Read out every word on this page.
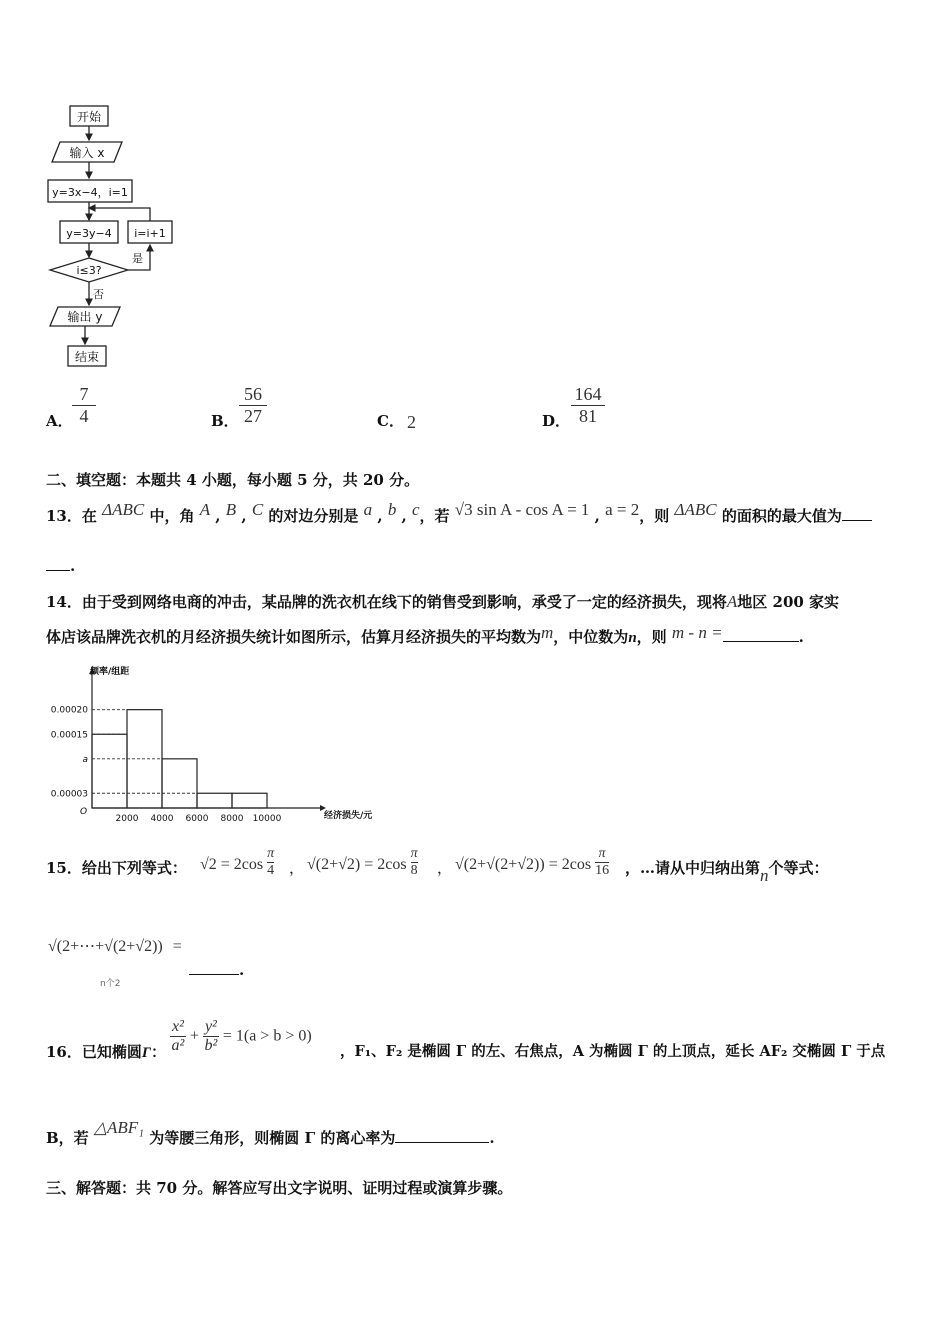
开始
输入 x
y=3x−4，i=1
y=3y−4 i=i+1
i≤3?
是
否
输出 y
结束
A． $\frac{7}{4}$	B． $\frac{56}{27}$	C． 2	D． $\frac{164}{81}$
二、填空题：本题共 4 小题，每小题 5 分，共 20 分。
13．在 ΔABC 中，角 A , B , C 的对边分别是 a , b , c，若 √3 sin A - cos A = 1 , a = 2，则 ΔABC 的面积的最大值为
.
14．由于受到网络电商的冲击，某品牌的洗衣机在线下的销售受到影响，承受了一定的经济损失，现将A地区 200 家实
体店该品牌洗衣机的月经济损失统计如图所示，估算月经济损失的平均数为m，中位数为n，则 m - n =	.
频率/组距
经济损失/元
O
0.00020
0.00015
a
0.00003
2000 4000 6000 8000 10000
15．给出下列等式： $√2 = 2\cos \frac{\pi}{4}$ ， $√(2+√2) = 2\cos \frac{\pi}{8}$ ， $√(2+√(2+√2)) = 2\cos \frac{\pi}{16}$ ，…请从中归纳出第n个等式：
√(2+⋯+√(2+√2)) =
n个2
.
16．已知椭圆Γ： $\frac{\text{x²}}{\text{a²}} + \frac{\text{y²}}{\text{b²}} = 1(a > b > 0)$
，F₁、F₂ 是椭圆 Γ 的左、右焦点，A 为椭圆 Γ 的上顶点，延长 AF₂ 交椭圆 Γ 于点
B，若 △ABF₁ 为等腰三角形，则椭圆 Γ 的离心率为	.
三、解答题：共 70 分。解答应写出文字说明、证明过程或演算步骤。
